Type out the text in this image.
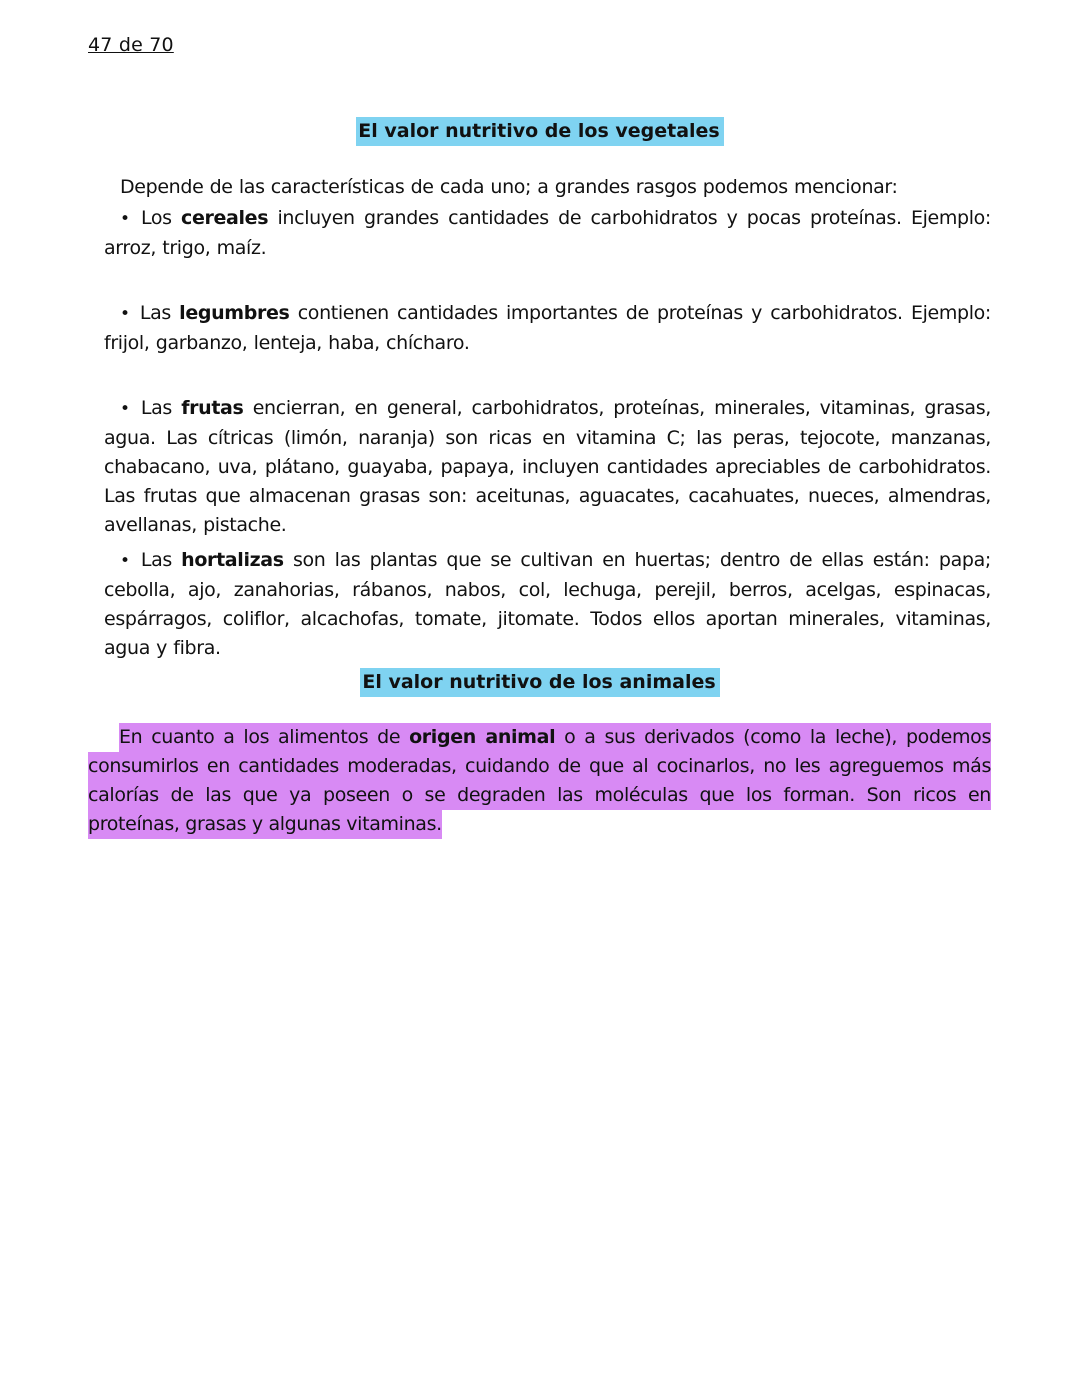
47 de 70
El valor nutritivo de los vegetales

Depende de las características de cada uno; a grandes rasgos podemos mencionar:

• Los cereales incluyen grandes cantidades de carbohidratos y pocas proteínas. Ejemplo: arroz, trigo, maíz.

• Las legumbres contienen cantidades importantes de proteínas y carbohidratos. Ejemplo: frijol, garbanzo, lenteja, haba, chícharo.

• Las frutas encierran, en general, carbohidratos, proteínas, minerales, vitaminas, grasas, agua. Las cítricas (limón, naranja) son ricas en vitamina C; las peras, tejocote, manzanas, chabacano, uva, plátano, guayaba, papaya, incluyen cantidades apreciables de carbohidratos. Las frutas que almacenan grasas son: aceitunas, aguacates, cacahuates, nueces, almendras, avellanas, pistache.

• Las hortalizas son las plantas que se cultivan en huertas; dentro de ellas están: papa; cebolla, ajo, zanahorias, rábanos, nabos, col, lechuga, perejil, berros, acelgas, espinacas, espárragos, coliflor, alcachofas, tomate, jitomate. Todos ellos aportan minerales, vitaminas, agua y fibra.

El valor nutritivo de los animales

En cuanto a los alimentos de origen animal o a sus derivados (como la leche), podemos consumirlos en cantidades moderadas, cuidando de que al cocinarlos, no les agreguemos más calorías de las que ya poseen o se degraden las moléculas que los forman. Son ricos en proteínas, grasas y algunas vitaminas.
